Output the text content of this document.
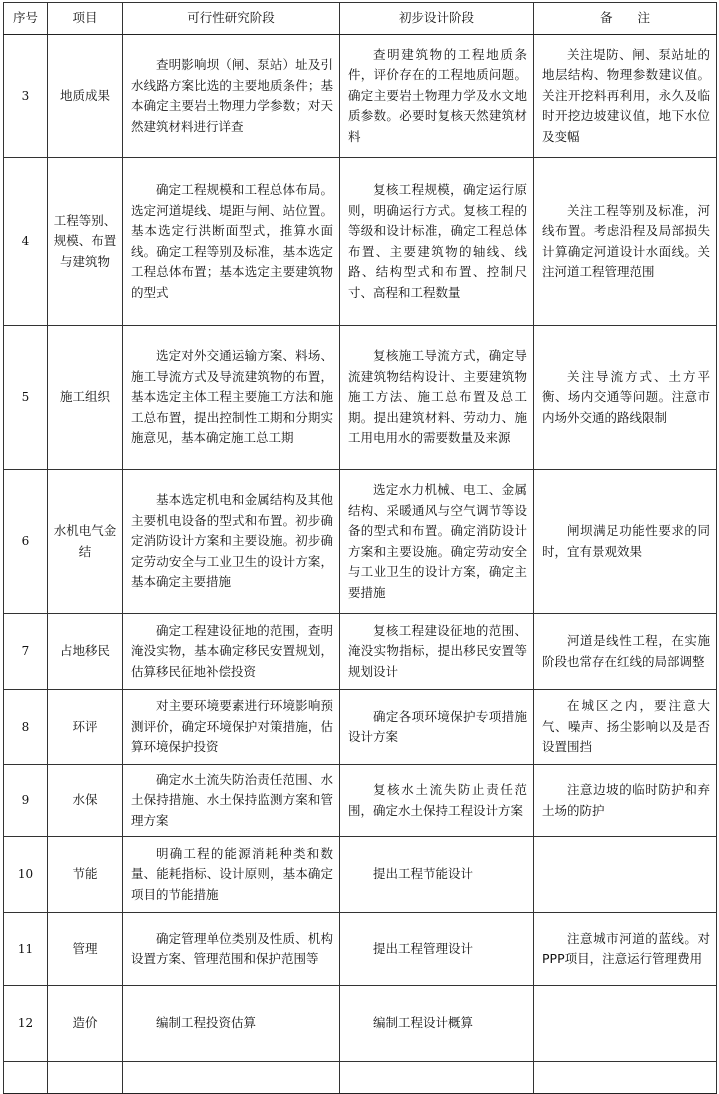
序号	项目	可行性研究阶段	初步设计阶段	备　　注
3	地质成果	查明影响坝（闸、泵站）址及引水线路方案比选的主要地质条件；基本确定主要岩土物理力学参数；对天然建筑材料进行详查	查明建筑物的工程地质条件，评价存在的工程地质问题。确定主要岩土物理力学及水文地质参数。必要时复核天然建筑材料	关注堤防、闸、泵站址的地层结构、物理参数建议值。关注开挖料再利用，永久及临时开挖边坡建议值，地下水位及变幅
4	工程等别、规模、布置与建筑物	确定工程规模和工程总体布局。选定河道堤线、堤距与闸、站位置。基本选定行洪断面型式，推算水面线。确定工程等别及标准，基本选定工程总体布置；基本选定主要建筑物的型式	复核工程规模，确定运行原则，明确运行方式。复核工程的等级和设计标准，确定工程总体布置、主要建筑物的轴线、线路、结构型式和布置、控制尺寸、高程和工程数量	关注工程等别及标准，河线布置。考虑沿程及局部损失计算确定河道设计水面线。关注河道工程管理范围
5	施工组织	选定对外交通运输方案、料场、施工导流方式及导流建筑物的布置，基本选定主体工程主要施工方法和施工总布置，提出控制性工期和分期实施意见，基本确定施工总工期	复核施工导流方式，确定导流建筑物结构设计、主要建筑物施工方法、施工总布置及总工期。提出建筑材料、劳动力、施工用电用水的需要数量及来源	关注导流方式、土方平衡、场内交通等问题。注意市内场外交通的路线限制
6	水机电气金结	基本选定机电和金属结构及其他主要机电设备的型式和布置。初步确定消防设计方案和主要设施。初步确定劳动安全与工业卫生的设计方案，基本确定主要措施	选定水力机械、电工、金属结构、采暖通风与空气调节等设备的型式和布置。确定消防设计方案和主要设施。确定劳动安全与工业卫生的设计方案，确定主要措施	闸坝满足功能性要求的同时，宜有景观效果
7	占地移民	确定工程建设征地的范围，查明淹没实物，基本确定移民安置规划，估算移民征地补偿投资	复核工程建设征地的范围、淹没实物指标，提出移民安置等规划设计	河道是线性工程，在实施阶段也常存在红线的局部调整
8	环评	对主要环境要素进行环境影响预测评价，确定环境保护对策措施，估算环境保护投资	确定各项环境保护专项措施设计方案	在城区之内，要注意大气、噪声、扬尘影响以及是否设置围挡
9	水保	确定水土流失防治责任范围、水土保持措施、水土保持监测方案和管理方案	复核水土流失防止责任范围，确定水土保持工程设计方案	注意边坡的临时防护和弃土场的防护
10	节能	明确工程的能源消耗种类和数量、能耗指标、设计原则，基本确定项目的节能措施	提出工程节能设计	
11	管理	确定管理单位类别及性质、机构设置方案、管理范围和保护范围等	提出工程管理设计	注意城市河道的蓝线。对PPP项目，注意运行管理费用
12	造价	编制工程投资估算	编制工程设计概算	
